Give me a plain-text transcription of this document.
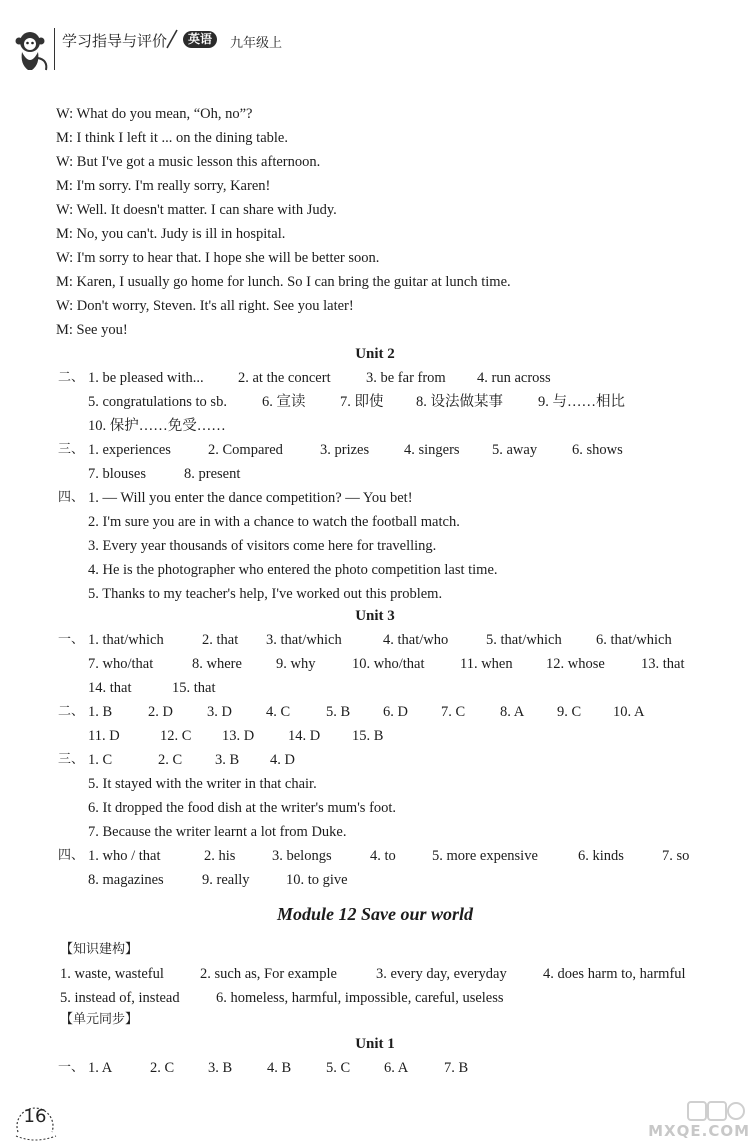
学习指导与评价	英语	九年级上
W: What do you mean, “Oh, no”?
M: I think I left it ... on the dining table.
W: But I've got a music lesson this afternoon.
M: I'm sorry. I'm really sorry, Karen!
W: Well. It doesn't matter. I can share with Judy.
M: No, you can't. Judy is ill in hospital.
W: I'm sorry to hear that. I hope she will be better soon.
M: Karen, I usually go home for lunch. So I can bring the guitar at lunch time.
W: Don't worry, Steven. It's all right. See you later!
M: See you!
Unit 2
二、 1. be pleased with... 2. at the concert 3. be far from 4. run across
5. congratulations to sb. 6. 宣读 7. 即使 8. 设法做某事 9. 与……相比
10. 保护……免受……
三、 1. experiences	2. Compared	3. prizes 4. singers 5. away 6. shows
7. blouses	8. present
四、 1. — Will you enter the dance competition? — You bet!
2. I'm sure you are in with a chance to watch the football match.
3. Every year thousands of visitors come here for travelling.
4. He is the photographer who entered the photo competition last time.
5. Thanks to my teacher's help, I've worked out this problem.
Unit 3
一、 1. that/which	2. that 3. that/which	4. that/who	5. that/which 6. that/which
7. who/that	8. where 9. why	10. who/that 11. when 12. whose 13. that
14. that	15. that
二、 1. B 2. D 3. D 4. C 5. B 6. D 7. C 8. A 9. C 10. A
11. D	12. C 13. D 14. D 15. B
三、 1. C	2. C 3. B 4. D
5. It stayed with the writer in that chair.
6. It dropped the food dish at the writer's mum's foot.
7. Because the writer learnt a lot from Duke.
四、 1. who / that	2. his	3. belongs	4. to 5. more expensive	6. kinds	7. so
8. magazines	9. really	10. to give
Module 12 Save our world
【知识建构】
1. waste, wasteful 2. such as, For example	3. every day, everyday	4. does harm to, harmful
5. instead of, instead	6. homeless, harmful, impossible, careful, useless
【单元同步】
Unit 1
一、 1. A	2. C 3. B 4. B 5. C 6. A 7. B
16
MXQE.COM
